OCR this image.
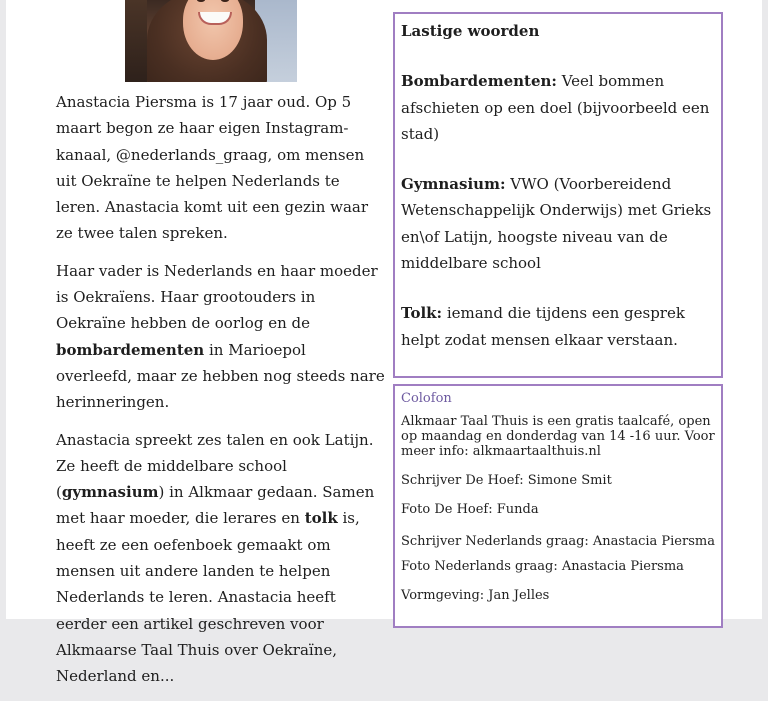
Anastacia Piersma is 17 jaar oud. Op 5 maart begon ze haar eigen Instagram-kanaal, @nederlands_graag, om mensen uit Oekraïne te helpen Nederlands te leren. Anastacia komt uit een gezin waar ze twee talen spreken.

Haar vader is Nederlands en haar moeder is Oekraïens. Haar grootouders in Oekraïne hebben de oorlog en de bombardementen in Marioepol overleefd, maar ze hebben nog steeds nare herinneringen.

Anastacia spreekt zes talen en ook Latijn. Ze heeft de middelbare school (gymnasium) in Alkmaar gedaan. Samen met haar moeder, die lerares en tolk is, heeft ze een oefenboek gemaakt om mensen uit andere landen te helpen Nederlands te leren. Anastacia heeft eerder een artikel geschreven voor Alkmaarse Taal Thuis over Oekraïne, Nederland en...

Lastige woorden
Bombardementen: Veel bommen afschieten op een doel (bijvoorbeeld een stad)
Gymnasium: VWO (Voorbereidend Wetenschappelijk Onderwijs) met Grieks en\of Latijn, hoogste niveau van de middelbare school
Tolk: iemand die tijdens een gesprek helpt zodat mensen elkaar verstaan.
Colofon
Alkmaar Taal Thuis is een gratis taalcafé, open op maandag en donderdag van 14 -16 uur. Voor meer info: alkmaartaalthuis.nl
Schrijver De Hoef: Simone Smit
Foto De Hoef: Funda
Schrijver Nederlands graag: Anastacia Piersma
Foto Nederlands graag: Anastacia Piersma
Vormgeving: Jan Jelles
